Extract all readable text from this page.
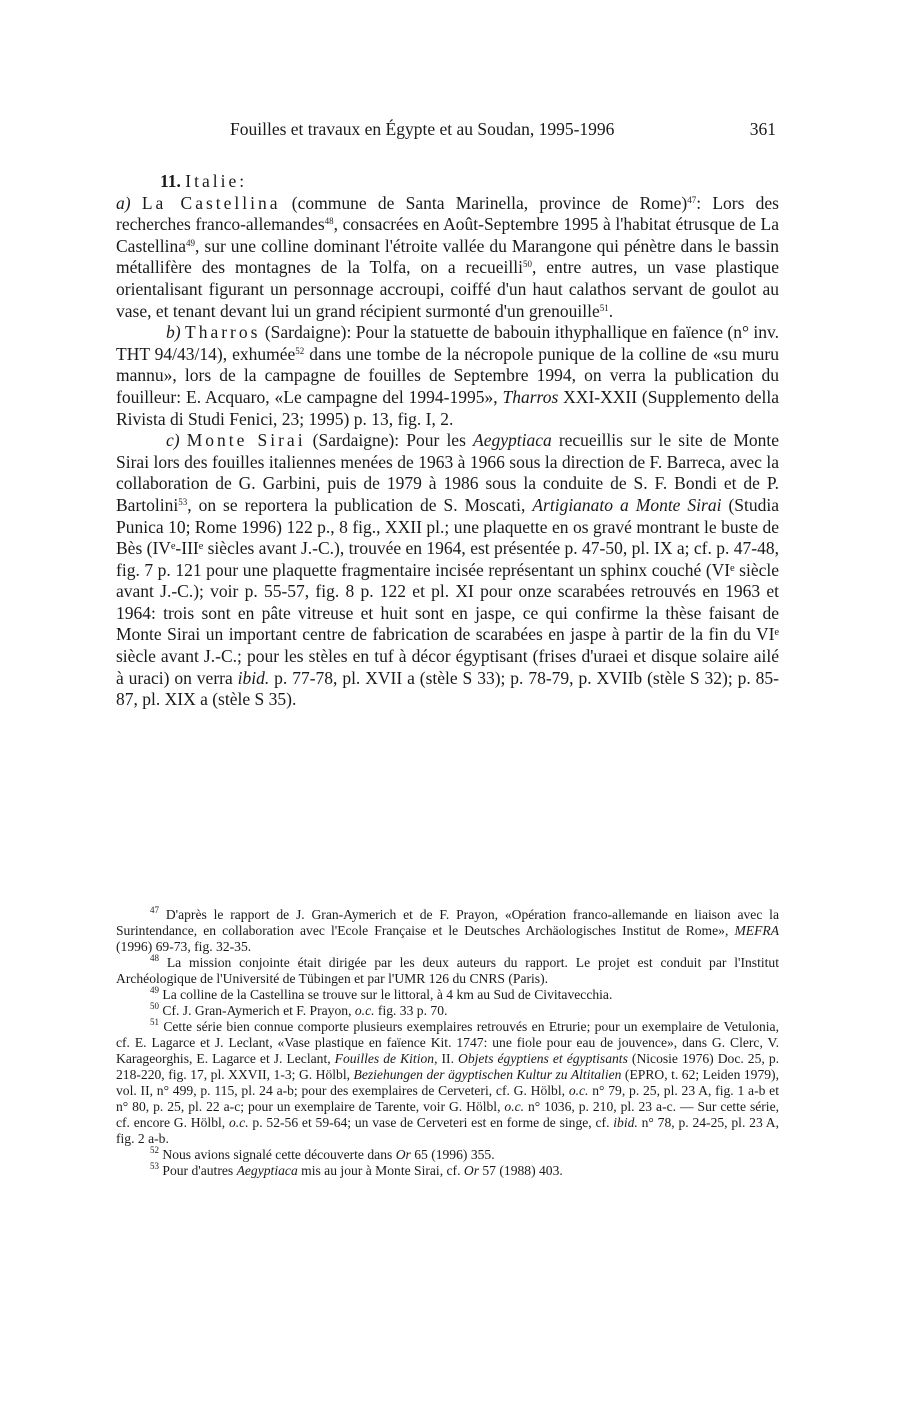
Fouilles et travaux en Égypte et au Soudan, 1995-1996	361

11. Italie:
a) La Castellina (commune de Santa Marinella, province de Rome)$^{47}$: Lors des recherches franco-allemandes$^{48}$, consacrées en Août-Septembre 1995 à l'habitat étrusque de La Castellina$^{49}$, sur une colline dominant l'étroite vallée du Marangone qui pénètre dans le bassin métallifère des montagnes de la Tolfa, on a recueilli$^{50}$, entre autres, un vase plastique orientalisant figurant un personnage accroupi, coiffé d'un haut calathos servant de goulot au vase, et tenant devant lui un grand récipient surmonté d'un grenouille$^{51}$.

b) Tharros (Sardaigne): Pour la statuette de babouin ithyphallique en faïence (n° inv. THT 94/43/14), exhumée$^{52}$ dans une tombe de la nécropole punique de la colline de «su muru mannu», lors de la campagne de fouilles de Septembre 1994, on verra la publication du fouilleur: E. Acquaro, «Le campagne del 1994-1995», Tharros XXI-XXII (Supplemento della Rivista di Studi Fenici, 23; 1995) p. 13, fig. I, 2.

c) Monte Sirai (Sardaigne): Pour les Aegyptiaca recueillis sur le site de Monte Sirai lors des fouilles italiennes menées de 1963 à 1966 sous la direction de F. Barreca, avec la collaboration de G. Garbini, puis de 1979 à 1986 sous la conduite de S. F. Bondi et de P. Bartolini$^{53}$, on se reportera la publication de S. Moscati, Artigianato a Monte Sirai (Studia Punica 10; Rome 1996) 122 p., 8 fig., XXII pl.; une plaquette en os gravé montrant le buste de Bès (IVᵉ-IIIᵉ siècles avant J.-C.), trouvée en 1964, est présentée p. 47-50, pl. IX a; cf. p. 47-48, fig. 7 p. 121 pour une plaquette fragmentaire incisée représentant un sphinx couché (VIᵉ siècle avant J.-C.); voir p. 55-57, fig. 8 p. 122 et pl. XI pour onze scarabées retrouvés en 1963 et 1964: trois sont en pâte vitreuse et huit sont en jaspe, ce qui confirme la thèse faisant de Monte Sirai un important centre de fabrication de scarabées en jaspe à partir de la fin du VIᵉ siècle avant J.-C.; pour les stèles en tuf à décor égyptisant (frises d'uraei et disque solaire ailé à uraci) on verra ibid. p. 77-78, pl. XVII a (stèle S 33); p. 78-79, p. XVIIb (stèle S 32); p. 85-87, pl. XIX a (stèle S 35).

$^{47}$ D'après le rapport de J. Gran-Aymerich et de F. Prayon, «Opération franco-allemande en liaison avec la Surintendance, en collaboration avec l'Ecole Française et le Deutsches Archäologisches Institut de Rome», MEFRA (1996) 69-73, fig. 32-35.

$^{48}$ La mission conjointe était dirigée par les deux auteurs du rapport. Le projet est conduit par l'Institut Archéologique de l'Université de Tübingen et par l'UMR 126 du CNRS (Paris).

$^{49}$ La colline de la Castellina se trouve sur le littoral, à 4 km au Sud de Civitavecchia.

$^{50}$ Cf. J. Gran-Aymerich et F. Prayon, o.c. fig. 33 p. 70.

$^{51}$ Cette série bien connue comporte plusieurs exemplaires retrouvés en Etrurie; pour un exemplaire de Vetulonia, cf. E. Lagarce et J. Leclant, «Vase plastique en faïence Kit. 1747: une fiole pour eau de jouvence», dans G. Clerc, V. Karageorghis, E. Lagarce et J. Leclant, Fouilles de Kition, II. Objets égyptiens et égyptisants (Nicosie 1976) Doc. 25, p. 218-220, fig. 17, pl. XXVII, 1-3; G. Hölbl, Beziehungen der ägyptischen Kultur zu Altitalien (EPRO, t. 62; Leiden 1979), vol. II, n° 499, p. 115, pl. 24 a-b; pour des exemplaires de Cerveteri, cf. G. Hölbl, o.c. n° 79, p. 25, pl. 23 A, fig. 1 a-b et n° 80, p. 25, pl. 22 a-c; pour un exemplaire de Tarente, voir G. Hölbl, o.c. n° 1036, p. 210, pl. 23 a-c. — Sur cette série, cf. encore G. Hölbl, o.c. p. 52-56 et 59-64; un vase de Cerveteri est en forme de singe, cf. ibid. n° 78, p. 24-25, pl. 23 A, fig. 2 a-b.

$^{52}$ Nous avions signalé cette découverte dans Or 65 (1996) 355.

$^{53}$ Pour d'autres Aegyptiaca mis au jour à Monte Sirai, cf. Or 57 (1988) 403.
